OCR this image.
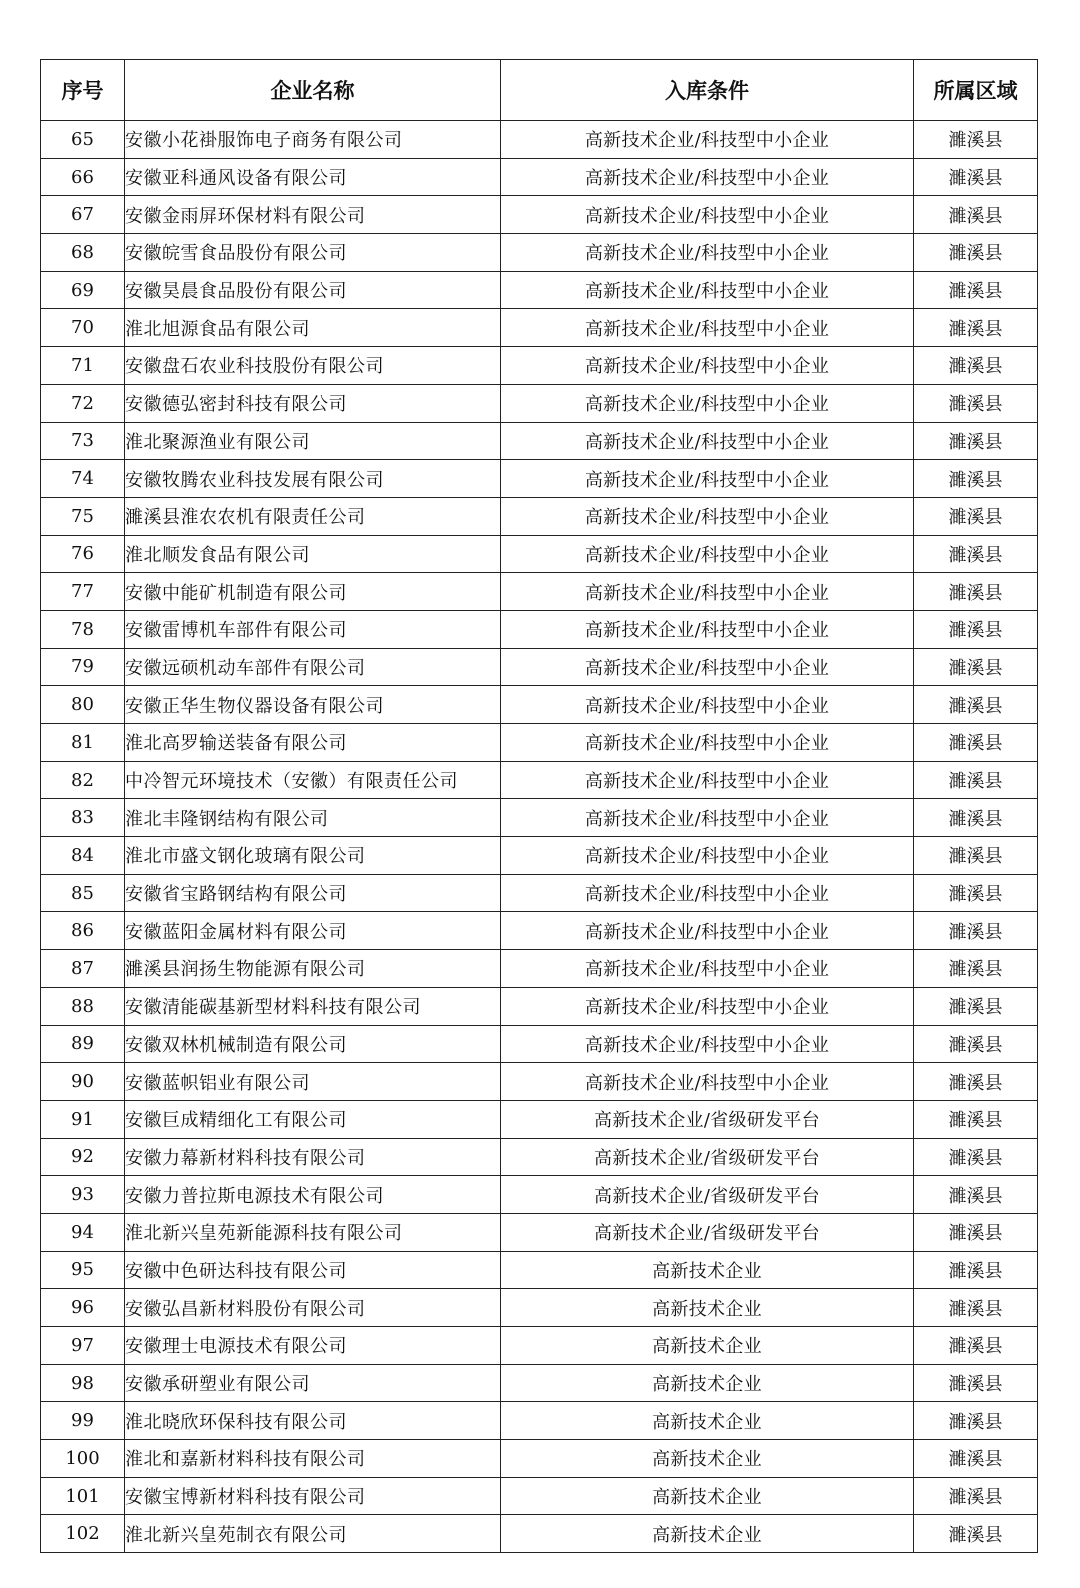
序号	企业名称	入库条件	所属区域
65	安徽小花褂服饰电子商务有限公司	高新技术企业/科技型中小企业	濉溪县
66	安徽亚科通风设备有限公司	高新技术企业/科技型中小企业	濉溪县
67	安徽金雨屏环保材料有限公司	高新技术企业/科技型中小企业	濉溪县
68	安徽皖雪食品股份有限公司	高新技术企业/科技型中小企业	濉溪县
69	安徽昊晨食品股份有限公司	高新技术企业/科技型中小企业	濉溪县
70	淮北旭源食品有限公司	高新技术企业/科技型中小企业	濉溪县
71	安徽盘石农业科技股份有限公司	高新技术企业/科技型中小企业	濉溪县
72	安徽德弘密封科技有限公司	高新技术企业/科技型中小企业	濉溪县
73	淮北聚源渔业有限公司	高新技术企业/科技型中小企业	濉溪县
74	安徽牧腾农业科技发展有限公司	高新技术企业/科技型中小企业	濉溪县
75	濉溪县淮农农机有限责任公司	高新技术企业/科技型中小企业	濉溪县
76	淮北顺发食品有限公司	高新技术企业/科技型中小企业	濉溪县
77	安徽中能矿机制造有限公司	高新技术企业/科技型中小企业	濉溪县
78	安徽雷博机车部件有限公司	高新技术企业/科技型中小企业	濉溪县
79	安徽远硕机动车部件有限公司	高新技术企业/科技型中小企业	濉溪县
80	安徽正华生物仪器设备有限公司	高新技术企业/科技型中小企业	濉溪县
81	淮北高罗输送装备有限公司	高新技术企业/科技型中小企业	濉溪县
82	中冷智元环境技术（安徽）有限责任公司	高新技术企业/科技型中小企业	濉溪县
83	淮北丰隆钢结构有限公司	高新技术企业/科技型中小企业	濉溪县
84	淮北市盛文钢化玻璃有限公司	高新技术企业/科技型中小企业	濉溪县
85	安徽省宝路钢结构有限公司	高新技术企业/科技型中小企业	濉溪县
86	安徽蓝阳金属材料有限公司	高新技术企业/科技型中小企业	濉溪县
87	濉溪县润扬生物能源有限公司	高新技术企业/科技型中小企业	濉溪县
88	安徽清能碳基新型材料科技有限公司	高新技术企业/科技型中小企业	濉溪县
89	安徽双林机械制造有限公司	高新技术企业/科技型中小企业	濉溪县
90	安徽蓝帜铝业有限公司	高新技术企业/科技型中小企业	濉溪县
91	安徽巨成精细化工有限公司	高新技术企业/省级研发平台	濉溪县
92	安徽力幕新材料科技有限公司	高新技术企业/省级研发平台	濉溪县
93	安徽力普拉斯电源技术有限公司	高新技术企业/省级研发平台	濉溪县
94	淮北新兴皇苑新能源科技有限公司	高新技术企业/省级研发平台	濉溪县
95	安徽中色研达科技有限公司	高新技术企业	濉溪县
96	安徽弘昌新材料股份有限公司	高新技术企业	濉溪县
97	安徽理士电源技术有限公司	高新技术企业	濉溪县
98	安徽承研塑业有限公司	高新技术企业	濉溪县
99	淮北晓欣环保科技有限公司	高新技术企业	濉溪县
100	淮北和嘉新材料科技有限公司	高新技术企业	濉溪县
101	安徽宝博新材料科技有限公司	高新技术企业	濉溪县
102	淮北新兴皇苑制衣有限公司	高新技术企业	濉溪县
